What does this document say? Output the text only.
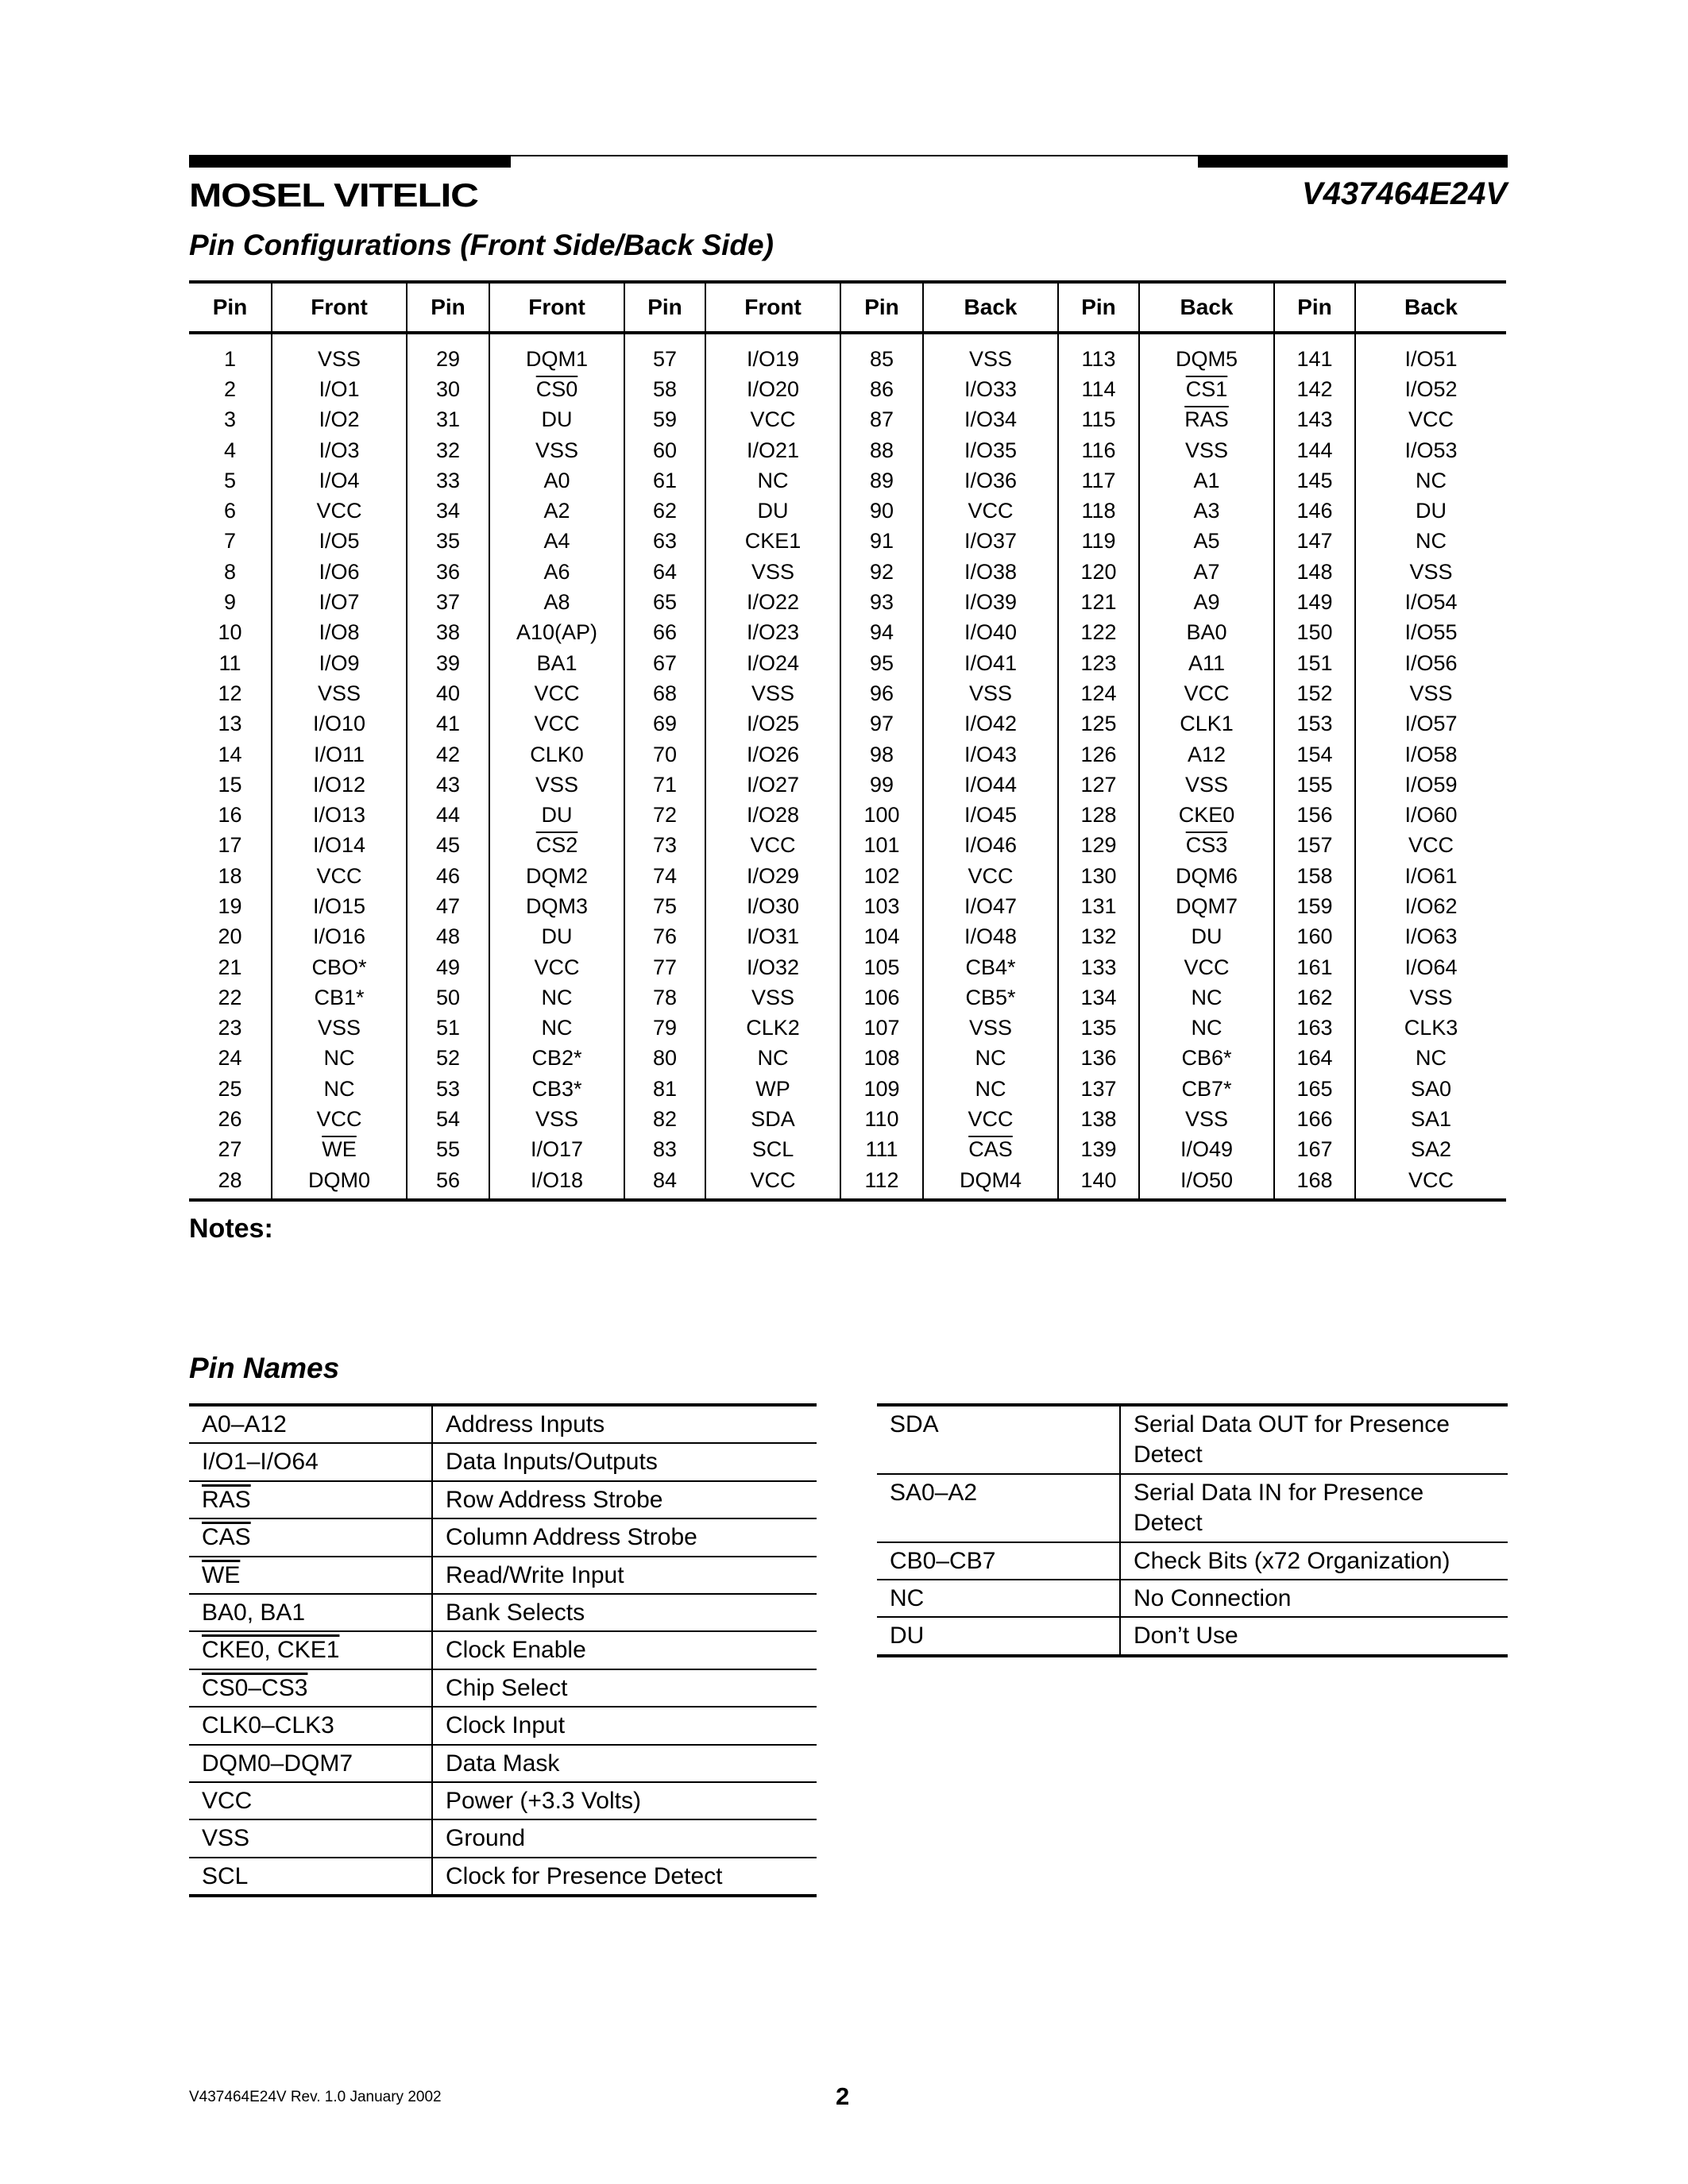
MOSEL VITELIC	V437464E24V
Pin Configurations (Front Side/Back Side)
Pin	Front	Pin	Front	Pin	Front	Pin	Back	Pin	Back	Pin	Back
1	VSS	29	DQM1	57	I/O19	85	VSS	113	DQM5	141	I/O51
2	I/O1	30	CS0	58	I/O20	86	I/O33	114	CS1	142	I/O52
3	I/O2	31	DU	59	VCC	87	I/O34	115	$\overline{RAS}$	143	VCC
4	I/O3	32	VSS	60	I/O21	88	I/O35	116	VSS	144	I/O53
5	I/O4	33	A0	61	NC	89	I/O36	117	A1	145	NC
6	VCC	34	A2	62	DU	90	VCC	118	A3	146	DU
7	I/O5	35	A4	63	CKE1	91	I/O37	119	A5	147	NC
8	I/O6	36	A6	64	VSS	92	I/O38	120	A7	148	VSS
9	I/O7	37	A8	65	I/O22	93	I/O39	121	A9	149	I/O54
10	I/O8	38	A10(AP)	66	I/O23	94	I/O40	122	BA0	150	I/O55
11	I/O9	39	BA1	67	I/O24	95	I/O41	123	A11	151	I/O56
12	VSS	40	VCC	68	VSS	96	VSS	124	VCC	152	VSS
13	I/O10	41	VCC	69	I/O25	97	I/O42	125	CLK1	153	I/O57
14	I/O11	42	CLK0	70	I/O26	98	I/O43	126	A12	154	I/O58
15	I/O12	43	VSS	71	I/O27	99	I/O44	127	VSS	155	I/O59
16	I/O13	44	DU	72	I/O28	100	I/O45	128	CKE0	156	I/O60
17	I/O14	45	CS2	73	VCC	101	I/O46	129	CS3	157	VCC
18	VCC	46	DQM2	74	I/O29	102	VCC	130	DQM6	158	I/O61
19	I/O15	47	DQM3	75	I/O30	103	I/O47	131	DQM7	159	I/O62
20	I/O16	48	DU	76	I/O31	104	I/O48	132	DU	160	I/O63
21	CBO*	49	VCC	77	I/O32	105	CB4*	133	VCC	161	I/O64
22	CB1*	50	NC	78	VSS	106	CB5*	134	NC	162	VSS
23	VSS	51	NC	79	CLK2	107	VSS	135	NC	163	CLK3
24	NC	52	CB2*	80	NC	108	NC	136	CB6*	164	NC
25	NC	53	CB3*	81	WP	109	NC	137	CB7*	165	SA0
26	VCC	54	VSS	82	SDA	110	VCC	138	VSS	166	SA1
27	$\overline{WE}$	55	I/O17	83	SCL	111	$\overline{CAS}$	139	I/O49	167	SA2
28	DQM0	56	I/O18	84	VCC	112	DQM4	140	I/O50	168	VCC
Notes:
Pin Names
A0–A12	Address Inputs
I/O1–I/O64	Data Inputs/Outputs
$\overline{RAS}$	Row Address Strobe
$\overline{CAS}$	Column Address Strobe
$\overline{WE}$	Read/Write Input
BA0, BA1	Bank Selects
CKE0, CKE1	Clock Enable
CS0–CS3	Chip Select
CLK0–CLK3	Clock Input
DQM0–DQM7	Data Mask
VCC	Power (+3.3 Volts)
VSS	Ground
SCL	Clock for Presence Detect
SDA	Serial Data OUT for Presence Detect
SA0–A2	Serial Data IN for Presence Detect
CB0–CB7	Check Bits (x72 Organization)
NC	No Connection
DU	Don’t Use
V437464E24V Rev. 1.0 January 2002	2
